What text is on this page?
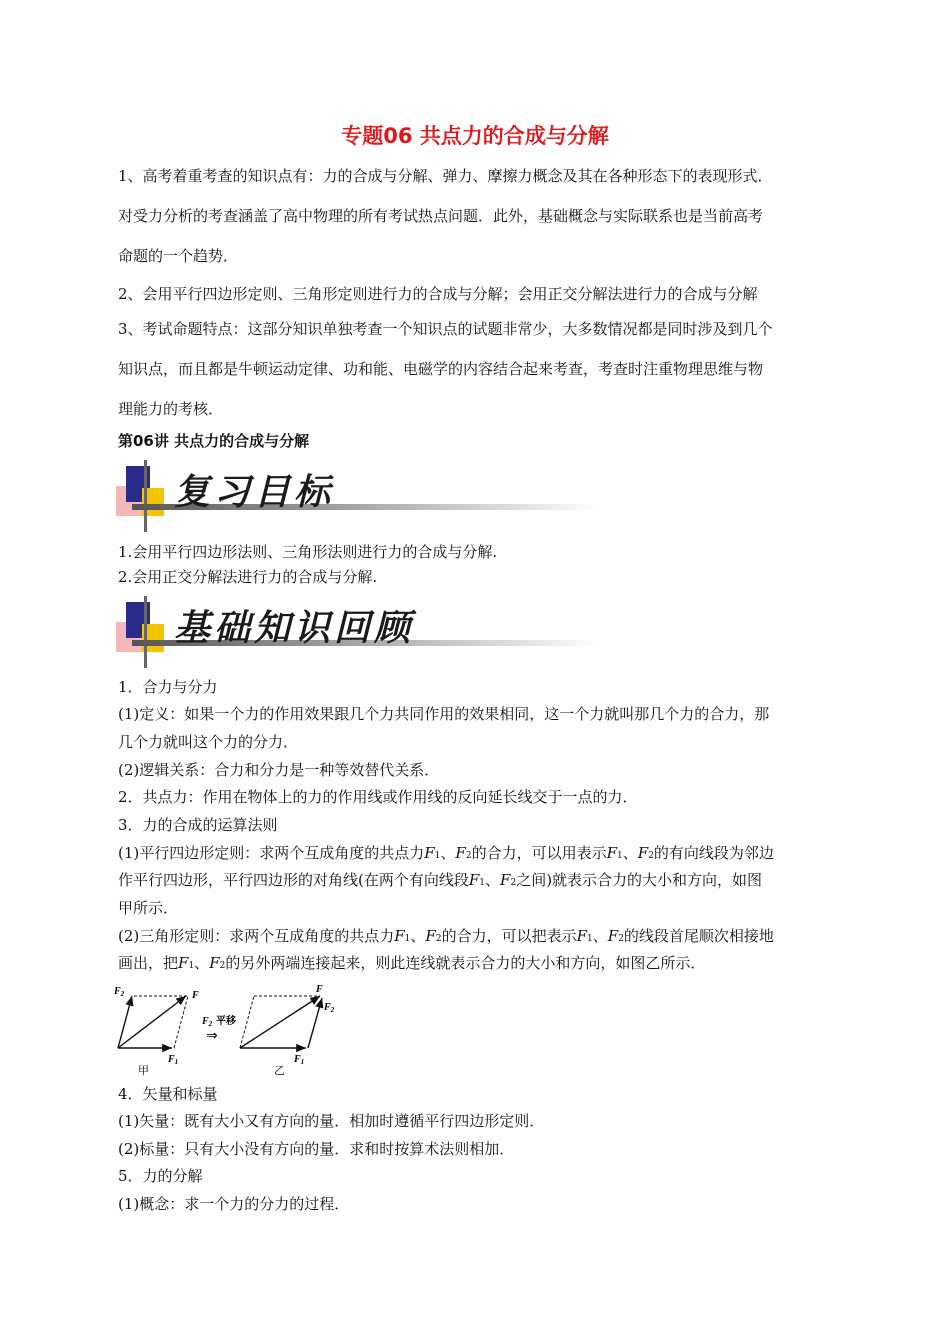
专题06 共点力的合成与分解
1、高考着重考查的知识点有：力的合成与分解、弹力、摩擦力概念及其在各种形态下的表现形式．
对受力分析的考查涵盖了高中物理的所有考试热点问题．此外，基础概念与实际联系也是当前高考
命题的一个趋势．
2、会用平行四边形定则、三角形定则进行力的合成与分解；会用正交分解法进行力的合成与分解
3、考试命题特点：这部分知识单独考查一个知识点的试题非常少，大多数情况都是同时涉及到几个
知识点，而且都是牛顿运动定律、功和能、电磁学的内容结合起来考查，考查时注重物理思维与物
理能力的考核．
第06讲 共点力的合成与分解
复习目标
1.会用平行四边形法则、三角形法则进行力的合成与分解.
2.会用正交分解法进行力的合成与分解.
基础知识回顾
1．合力与分力
(1)定义：如果一个力的作用效果跟几个力共同作用的效果相同，这一个力就叫那几个力的合力，那
几个力就叫这个力的分力．
(2)逻辑关系：合力和分力是一种等效替代关系．
2．共点力：作用在物体上的力的作用线或作用线的反向延长线交于一点的力．
3．力的合成的运算法则
(1)平行四边形定则：求两个互成角度的共点力F1、F2的合力，可以用表示F1、F2的有向线段为邻边
作平行四边形，平行四边形的对角线(在两个有向线段F1、F2之间)就表示合力的大小和方向，如图
甲所示．
(2)三角形定则：求两个互成角度的共点力F1、F2的合力，可以把表示F1、F2的线段首尾顺次相接地
画出，把F1、F2的另外两端连接起来，则此连线就表示合力的大小和方向，如图乙所示．
$F_2$	F
$F_1$
甲
$F_2$ 平移
⇒
F
$F_2$
$F_1$
乙
4．矢量和标量
(1)矢量：既有大小又有方向的量．相加时遵循平行四边形定则．
(2)标量：只有大小没有方向的量．求和时按算术法则相加．
5．力的分解
(1)概念：求一个力的分力的过程．
